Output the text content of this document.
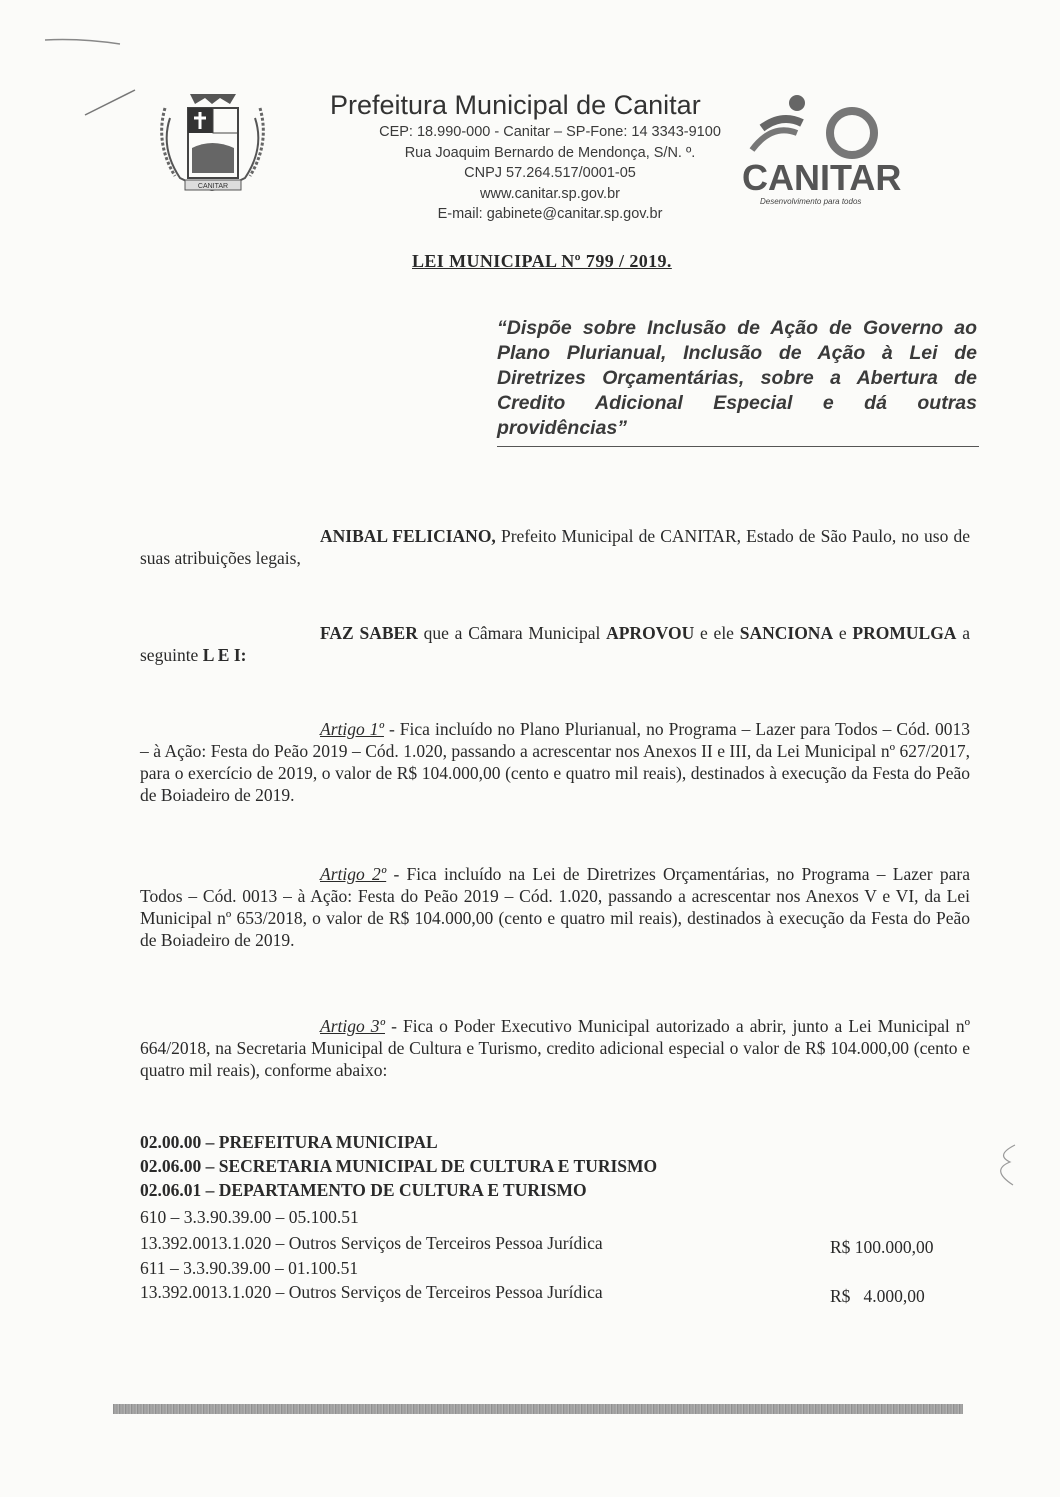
CANITAR
Prefeitura Municipal de Canitar
CEP: 18.990-000 - Canitar – SP-Fone: 14 3343-9100
Rua Joaquim Bernardo de Mendonça, S/N. º.
CNPJ 57.264.517/0001-05
www.canitar.sp.gov.br
E-mail: gabinete@canitar.sp.gov.br
CANITAR
Desenvolvimento para todos
LEI MUNICIPAL Nº 799 / 2019.
“Dispõe sobre Inclusão de Ação de Governo ao Plano Plurianual, Inclusão de Ação à Lei de Diretrizes Orçamentárias, sobre a Abertura de Credito Adicional Especial e dá outras providências”
ANIBAL FELICIANO, Prefeito Municipal de CANITAR, Estado de São Paulo, no uso de suas atribuições legais,
FAZ SABER que a Câmara Municipal APROVOU e ele SANCIONA e PROMULGA a seguinte L E I:
Artigo 1º - Fica incluído no Plano Plurianual, no Programa – Lazer para Todos – Cód. 0013 – à Ação: Festa do Peão 2019 – Cód. 1.020, passando a acrescentar nos Anexos II e III, da Lei Municipal nº 627/2017, para o exercício de 2019, o valor de R$ 104.000,00 (cento e quatro mil reais), destinados à execução da Festa do Peão de Boiadeiro de 2019.
Artigo 2º - Fica incluído na Lei de Diretrizes Orçamentárias, no Programa – Lazer para Todos – Cód. 0013 – à Ação: Festa do Peão 2019 – Cód. 1.020, passando a acrescentar nos Anexos V e VI, da Lei Municipal nº 653/2018, o valor de R$ 104.000,00 (cento e quatro mil reais), destinados à execução da Festa do Peão de Boiadeiro de 2019.
Artigo 3º - Fica o Poder Executivo Municipal autorizado a abrir, junto a Lei Municipal nº 664/2018, na Secretaria Municipal de Cultura e Turismo, credito adicional especial o valor de R$ 104.000,00 (cento e quatro mil reais), conforme abaixo:
02.00.00 – PREFEITURA MUNICIPAL
02.06.00 – SECRETARIA MUNICIPAL DE CULTURA E TURISMO
02.06.01 – DEPARTAMENTO DE CULTURA E TURISMO
610 – 3.3.90.39.00 – 05.100.51
13.392.0013.1.020 – Outros Serviços de Terceiros Pessoa Jurídica	R$ 100.000,00
611 – 3.3.90.39.00 – 01.100.51
13.392.0013.1.020 – Outros Serviços de Terceiros Pessoa Jurídica	R$   4.000,00
